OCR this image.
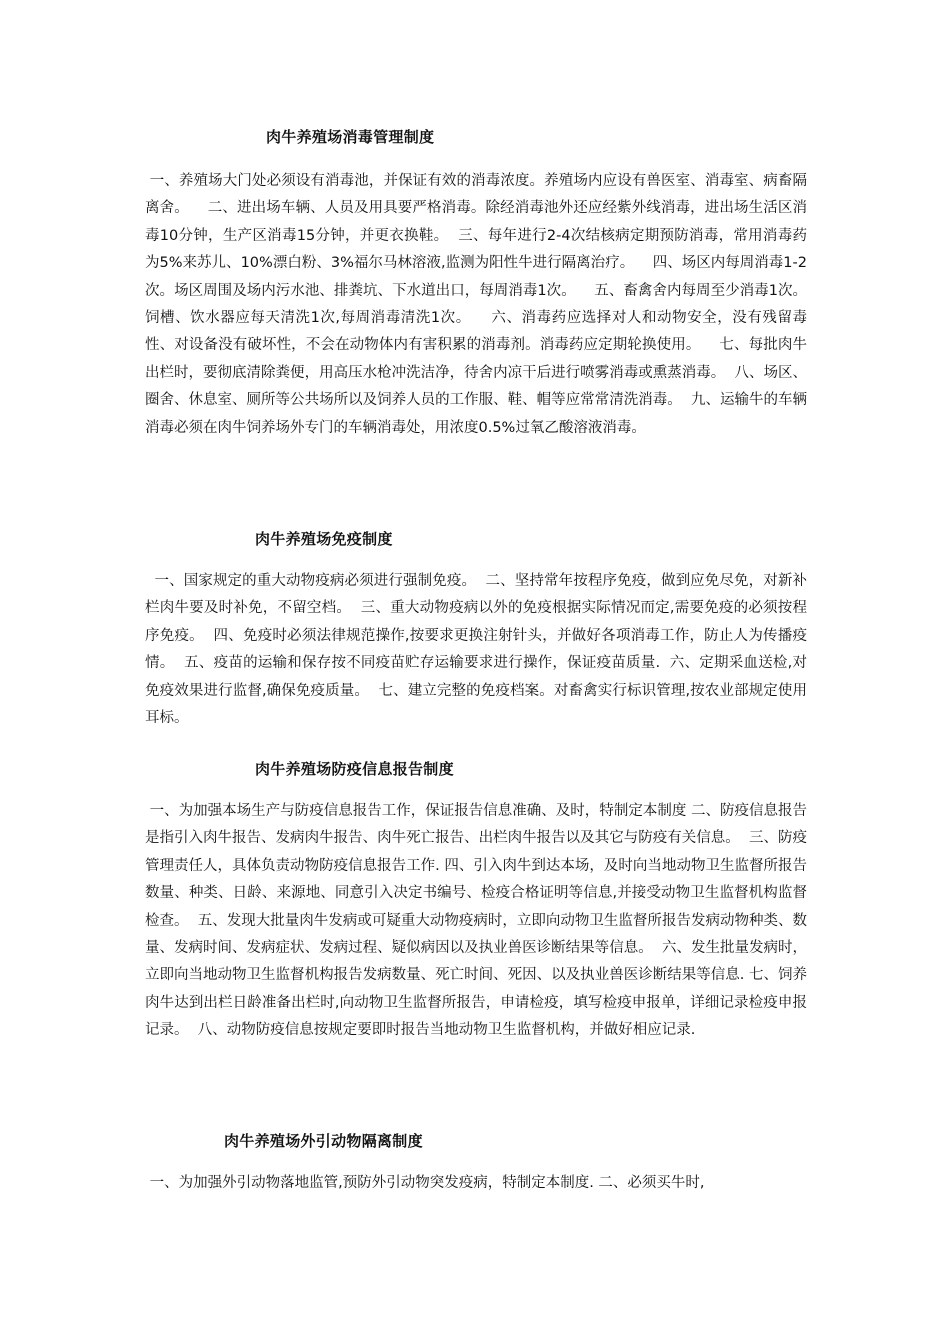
肉牛养殖场消毒管理制度

一、养殖场大门处必须设有消毒池，并保证有效的消毒浓度。养殖场内应设有兽医室、消毒室、病畜隔离舍。    二、进出场车辆、人员及用具要严格消毒。除经消毒池外还应经紫外线消毒，进出场生活区消毒10分钟，生产区消毒15分钟，并更衣换鞋。  三、每年进行2-4次结核病定期预防消毒，常用消毒药为5%来苏儿、10%漂白粉、3%福尔马林溶液,监测为阳性牛进行隔离治疗。    四、场区内每周消毒1-2次。场区周围及场内污水池、排粪坑、下水道出口，每周消毒1次。    五、畜禽舍内每周至少消毒1次。饲槽、饮水器应每天清洗1次,每周消毒清洗1次。    六、消毒药应选择对人和动物安全，没有残留毒性、对设备没有破坏性，不会在动物体内有害积累的消毒剂。消毒药应定期轮换使用。    七、每批肉牛出栏时，要彻底清除粪便，用高压水枪冲洗洁净，待舍内凉干后进行喷雾消毒或熏蒸消毒。  八、场区、圈舍、休息室、厕所等公共场所以及饲养人员的工作服、鞋、帽等应常常清洗消毒。  九、运输牛的车辆消毒必须在肉牛饲养场外专门的车辆消毒处，用浓度0.5%过氧乙酸溶液消毒。

肉牛养殖场免疫制度

一、国家规定的重大动物疫病必须进行强制免疫。  二、坚持常年按程序免疫，做到应免尽免，对新补栏肉牛要及时补免，不留空档。  三、重大动物疫病以外的免疫根据实际情况而定,需要免疫的必须按程序免疫。  四、免疫时必须法律规范操作,按要求更换注射针头，并做好各项消毒工作，防止人为传播疫情。  五、疫苗的运输和保存按不同疫苗贮存运输要求进行操作，保证疫苗质量.  六、定期采血送检,对免疫效果进行监督,确保免疫质量。  七、建立完整的免疫档案。对畜禽实行标识管理,按农业部规定使用耳标。

肉牛养殖场防疫信息报告制度

一、为加强本场生产与防疫信息报告工作，保证报告信息准确、及时，特制定本制度 二、防疫信息报告是指引入肉牛报告、发病肉牛报告、肉牛死亡报告、出栏肉牛报告以及其它与防疫有关信息。  三、防疫管理责任人，具体负责动物防疫信息报告工作. 四、引入肉牛到达本场，及时向当地动物卫生监督所报告数量、种类、日龄、来源地、同意引入决定书编号、检疫合格证明等信息,并接受动物卫生监督机构监督检查。  五、发现大批量肉牛发病或可疑重大动物疫病时，立即向动物卫生监督所报告发病动物种类、数量、发病时间、发病症状、发病过程、疑似病因以及执业兽医诊断结果等信息。  六、发生批量发病时，立即向当地动物卫生监督机构报告发病数量、死亡时间、死因、以及执业兽医诊断结果等信息. 七、饲养肉牛达到出栏日龄准备出栏时,向动物卫生监督所报告，申请检疫，填写检疫申报单，详细记录检疫申报记录。  八、动物防疫信息按规定要即时报告当地动物卫生监督机构，并做好相应记录.

肉牛养殖场外引动物隔离制度

一、为加强外引动物落地监管,预防外引动物突发疫病，特制定本制度. 二、必须买牛时,
